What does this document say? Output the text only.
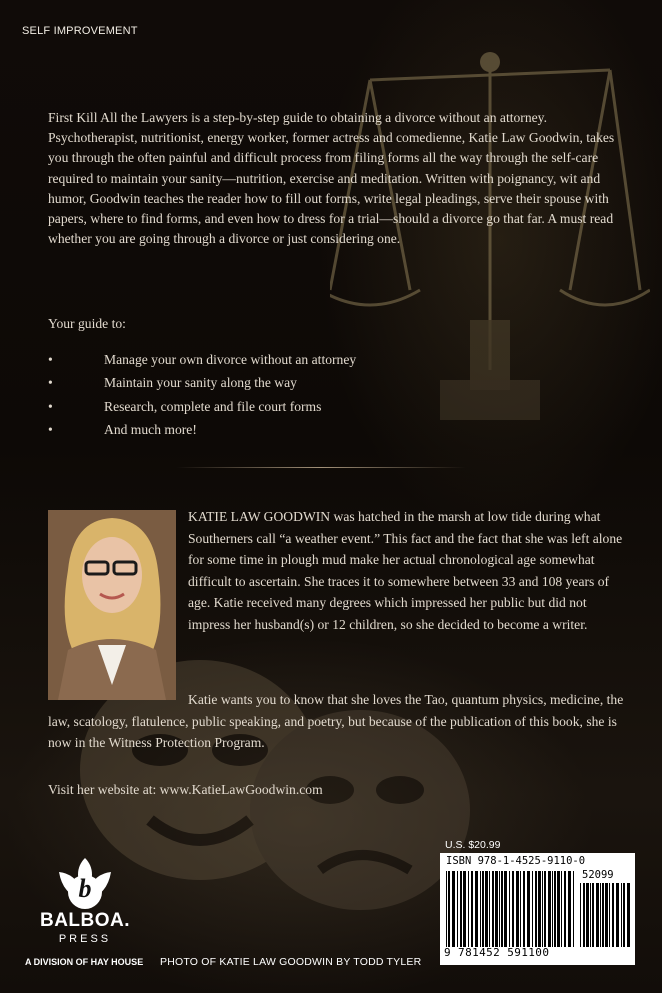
SELF IMPROVEMENT

First Kill All the Lawyers is a step-by-step guide to obtaining a divorce without an attorney. Psychotherapist, nutritionist, energy worker, former actress and comedienne, Katie Law Goodwin, takes you through the often painful and difficult process from filing forms all the way through the self-care required to maintain your sanity—nutrition, exercise and meditation. Written with poignancy, wit and humor, Goodwin teaches the reader how to fill out forms, write legal pleadings, serve their spouse with papers, where to find forms, and even how to dress for a trial—should a divorce go that far. A must read whether you are going through a divorce or just considering one.

Your guide to:
•	Manage your own divorce without an attorney
•	Maintain your sanity along the way
•	Research, complete and file court forms
•	And much more!

KATIE LAW GOODWIN was hatched in the marsh at low tide during what Southerners call “a weather event.” This fact and the fact that she was left alone for some time in plough mud make her actual chronological age somewhat difficult to ascertain. She traces it to somewhere between 33 and 108 years of age. Katie received many degrees which impressed her public but did not impress her husband(s) or 12 children, so she decided to become a writer.

Katie wants you to know that she loves the Tao, quantum physics, medicine, the law, scatology, flatulence, public speaking, and poetry, but because of the publication of this book, she is now in the Witness Protection Program.

Visit her website at: www.KatieLawGoodwin.com
b
BALBOA.
PRESS
A DIVISION OF HAY HOUSE PHOTO OF KATIE LAW GOODWIN BY TODD TYLER
U.S. $20.99
ISBN 978-1-4525-9110-0
52099
9 781452 591100
